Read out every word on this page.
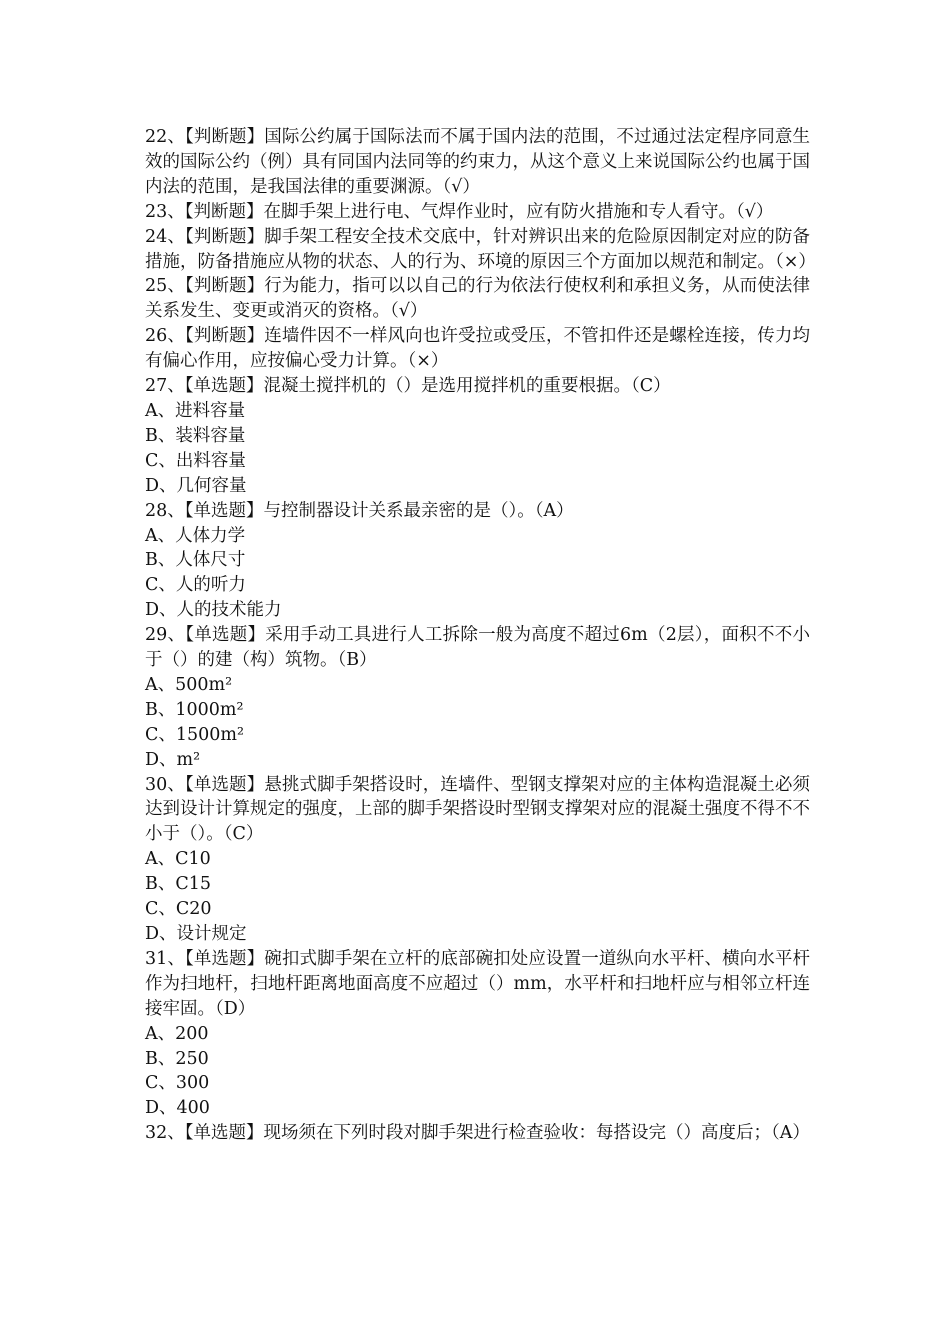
22、【判断题】国际公约属于国际法而不属于国内法的范围，不过通过法定程序同意生效的国际公约（例）具有同国内法同等的约束力，从这个意义上来说国际公约也属于国内法的范围，是我国法律的重要渊源。（√）

23、【判断题】在脚手架上进行电、气焊作业时，应有防火措施和专人看守。（√）

24、【判断题】脚手架工程安全技术交底中，针对辨识出来的危险原因制定对应的防备措施，防备措施应从物的状态、人的行为、环境的原因三个方面加以规范和制定。（×）

25、【判断题】行为能力，指可以以自己的行为依法行使权利和承担义务，从而使法律关系发生、变更或消灭的资格。（√）

26、【判断题】连墙件因不一样风向也许受拉或受压，不管扣件还是螺栓连接，传力均有偏心作用，应按偏心受力计算。（×）

27、【单选题】混凝土搅拌机的（）是选用搅拌机的重要根据。（C）

A、进料容量

B、装料容量

C、出料容量

D、几何容量

28、【单选题】与控制器设计关系最亲密的是（）。（A）

A、人体力学

B、人体尺寸

C、人的听力

D、人的技术能力

29、【单选题】采用手动工具进行人工拆除一般为高度不超过6m（2层），面积不不小于（）的建（构）筑物。（B）

A、500m²

B、1000m²

C、1500m²

D、m²

30、【单选题】悬挑式脚手架搭设时，连墙件、型钢支撑架对应的主体构造混凝土必须达到设计计算规定的强度，上部的脚手架搭设时型钢支撑架对应的混凝土强度不得不不小于（）。（C）

A、C10

B、C15

C、C20

D、设计规定

31、【单选题】碗扣式脚手架在立杆的底部碗扣处应设置一道纵向水平杆、横向水平杆作为扫地杆，扫地杆距离地面高度不应超过（）mm，水平杆和扫地杆应与相邻立杆连接牢固。（D）

A、200

B、250

C、300

D、400

32、【单选题】现场须在下列时段对脚手架进行检查验收：每搭设完（）高度后；（A）
